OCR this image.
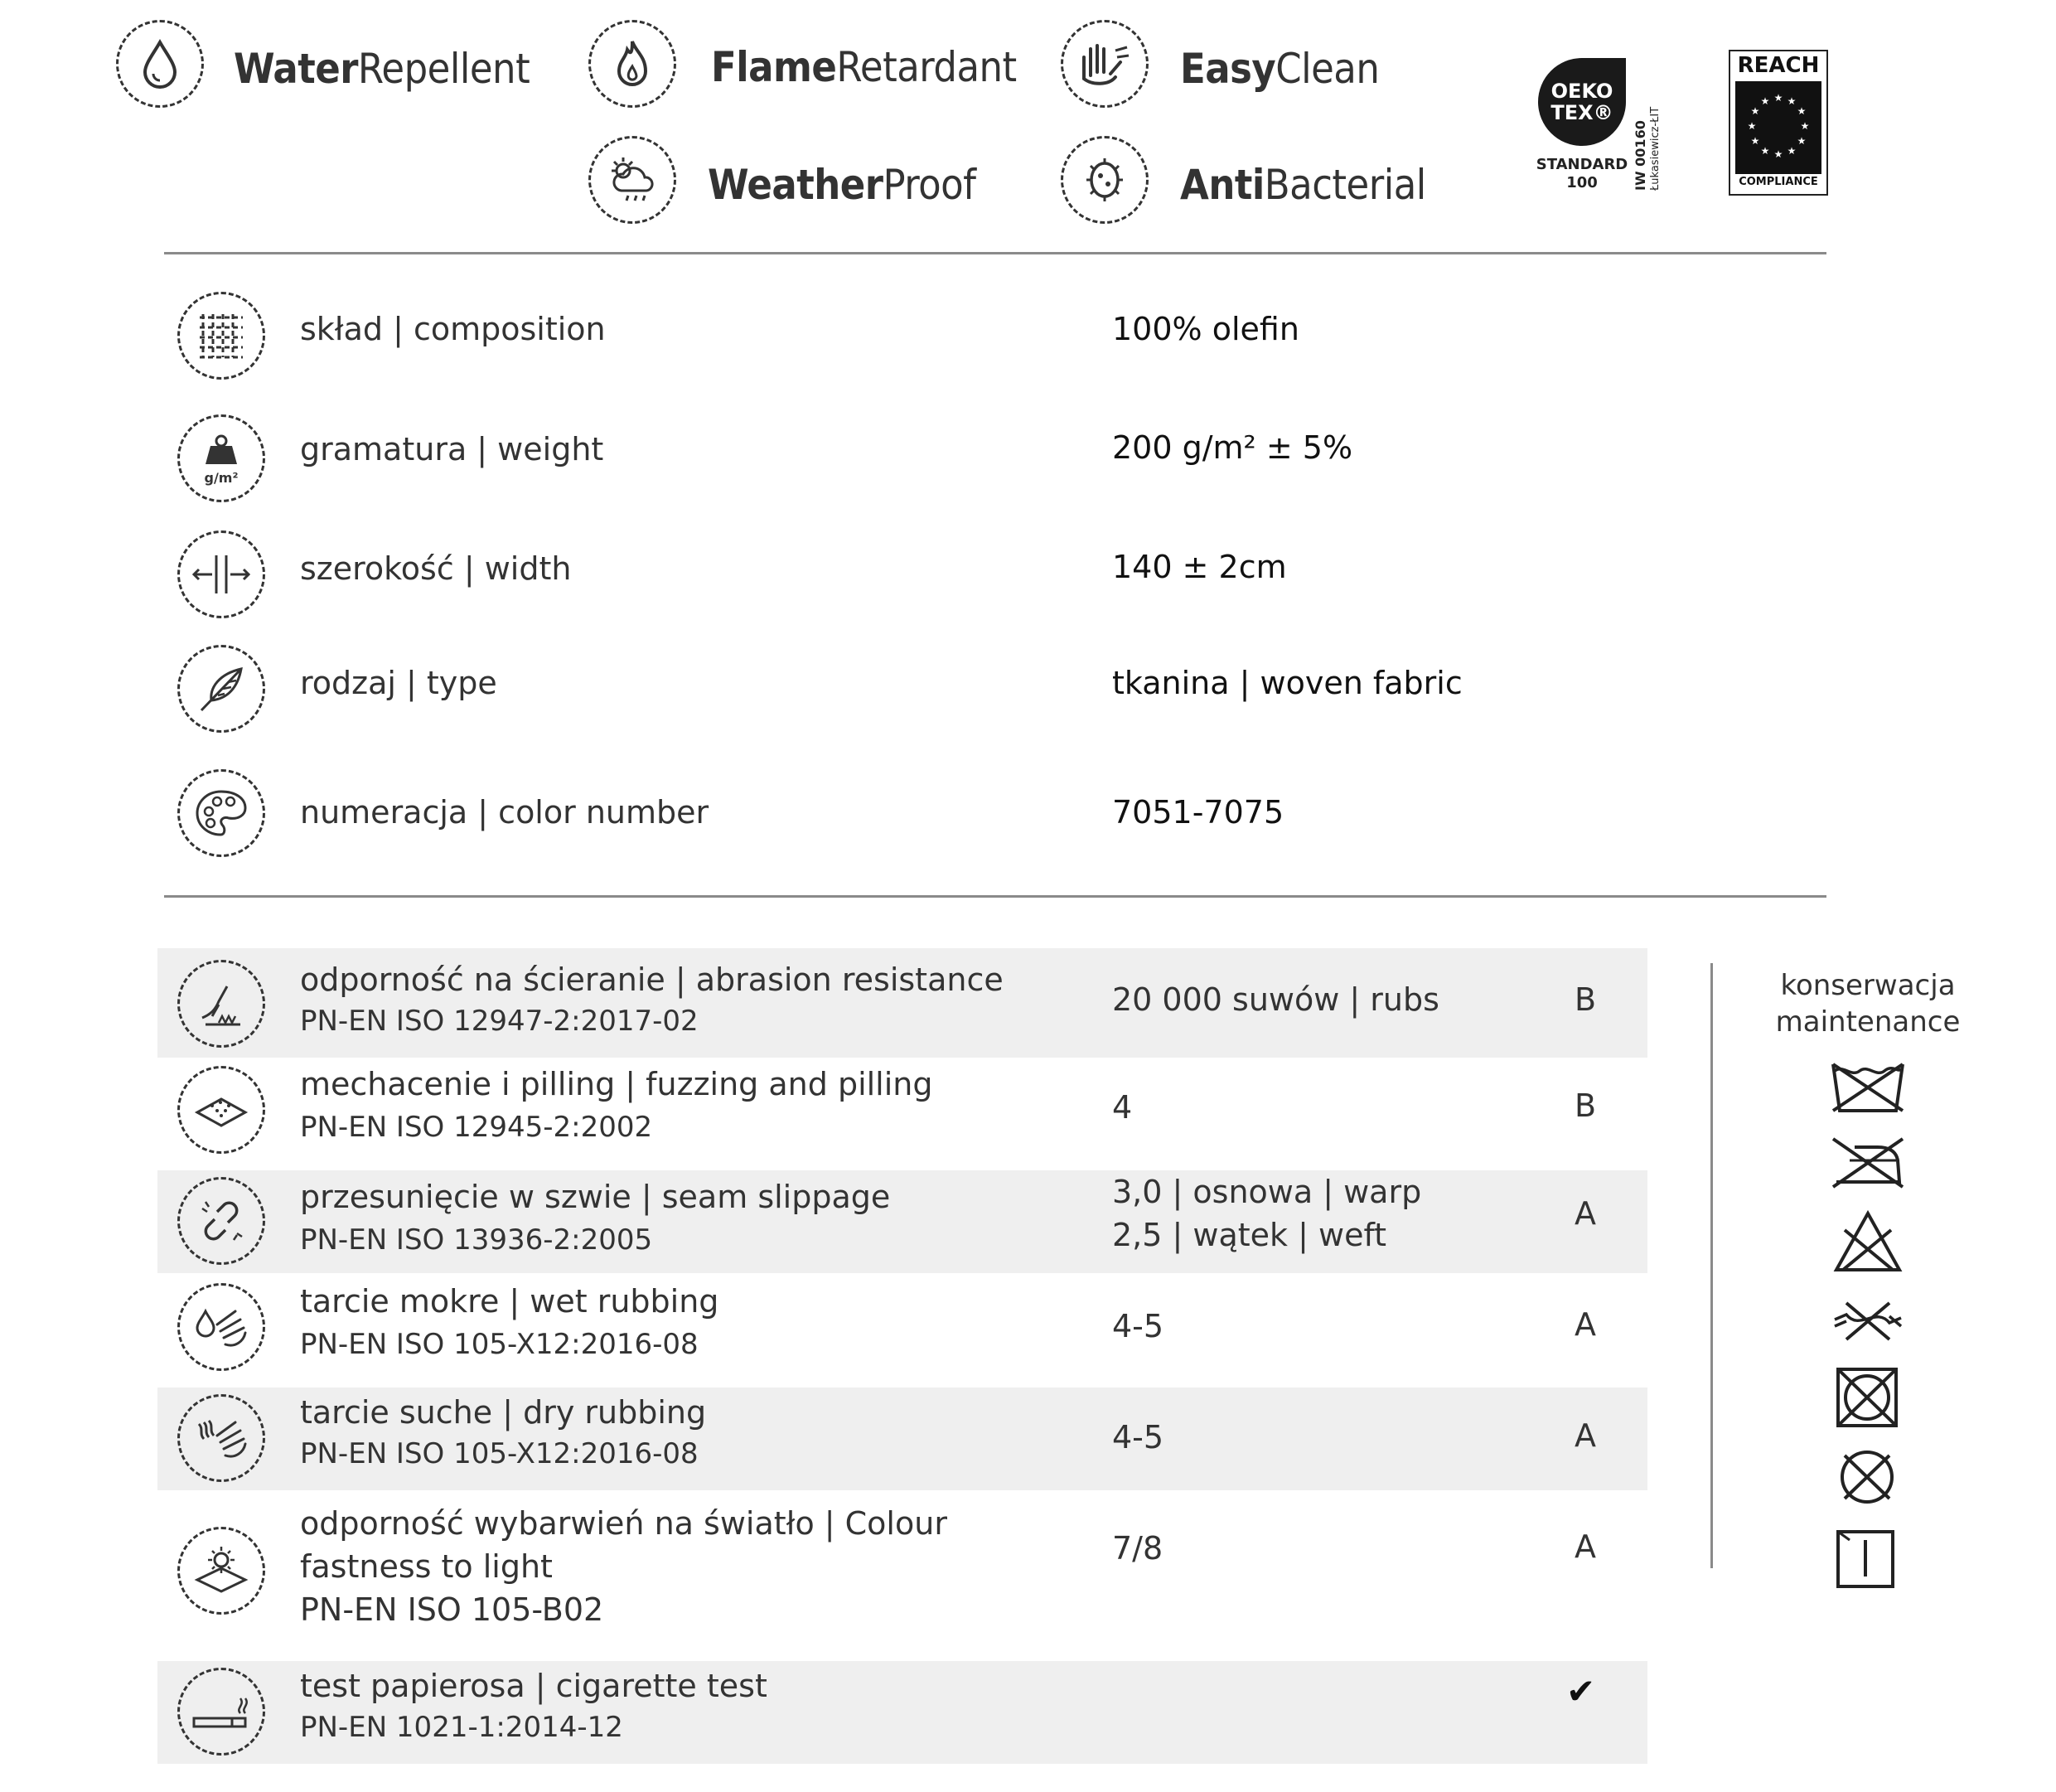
WaterRepellent	FlameRetardant	EasyClean
WeatherProof	AntiBacterial
OEKO
TEX®
STANDARD
100	IW 00160 Łukasiewicz-ŁIT
REACH
★ ★
★
★
★
★
★
★
★
★
★
★
COMPLIANCE
skład | composition	100% olefin
g/m²
gramatura | weight	200 g/m² ± 5%
szerokość | width	140 ± 2cm
rodzaj | type	tkanina | woven fabric
numeracja | color number	7051-7075
odporność na ścieranie | abrasion resistance
PN-EN ISO 12947-2:2017-02
20 000 suwów | rubs	B
mechacenie i pilling | fuzzing and pilling
PN-EN ISO 12945-2:2002
4	B
przesunięcie w szwie | seam slippage
PN-EN ISO 13936-2:2005
3,0 | osnowa | warp
2,5 | wątek | weft
A
tarcie mokre | wet rubbing
PN-EN ISO 105-X12:2016-08	4-5	A
tarcie suche | dry rubbing
PN-EN ISO 105-X12:2016-08	4-5	A
odporność wybarwień na światło | Colour fastness to light
PN-EN ISO 105-B02
7/8	A
test papierosa | cigarette test
PN-EN 1021-1:2014-12
✔
konserwacja
maintenance
